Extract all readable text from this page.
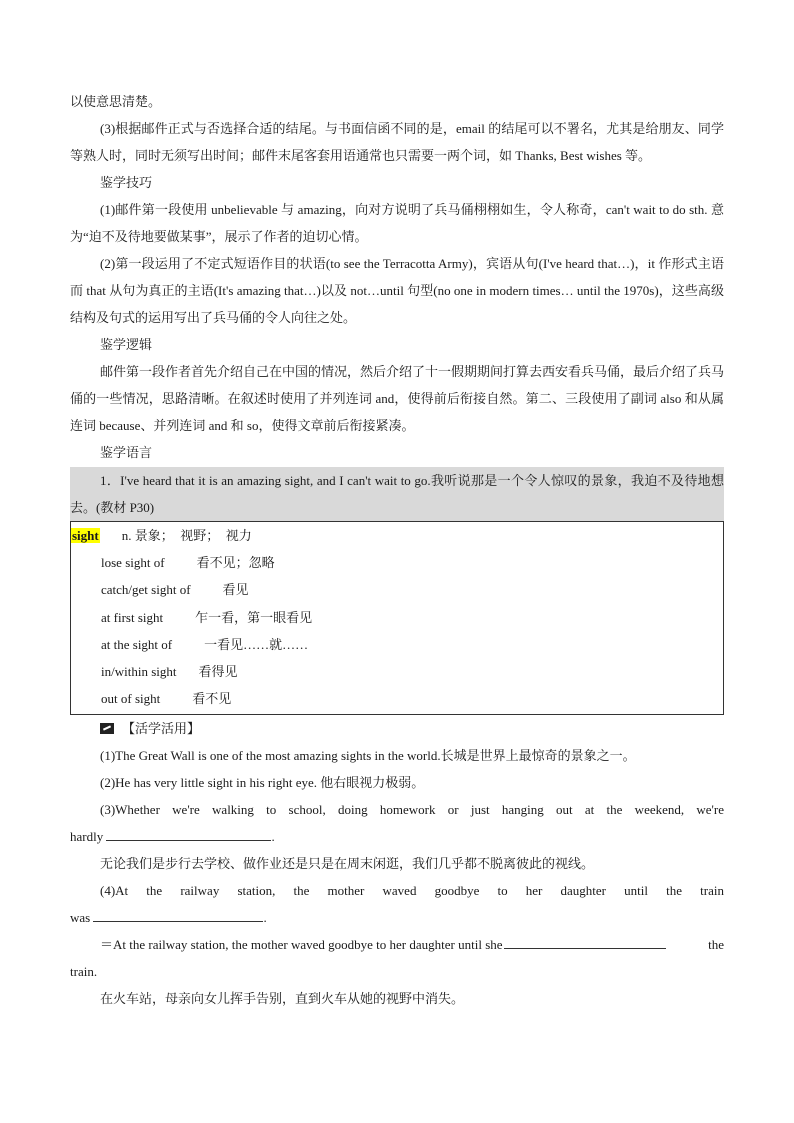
以使意思清楚。

(3)根据邮件正式与否选择合适的结尾。与书面信函不同的是，email 的结尾可以不署名，尤其是给朋友、同学等熟人时，同时无须写出时间；邮件末尾客套用语通常也只需要一两个词，如 Thanks, Best wishes 等。

鉴学技巧

(1)邮件第一段使用 unbelievable 与 amazing，向对方说明了兵马俑栩栩如生，令人称奇，can't wait to do sth. 意为“迫不及待地要做某事”，展示了作者的迫切心情。

(2)第一段运用了不定式短语作目的状语(to see the Terracotta Army)，宾语从句(I've heard that…)，it 作形式主语而 that 从句为真正的主语(It's amazing that…)以及 not…until 句型(no one in modern times… until the 1970s)，这些高级结构及句式的运用写出了兵马俑的令人向往之处。

鉴学逻辑

邮件第一段作者首先介绍自己在中国的情况，然后介绍了十一假期期间打算去西安看兵马俑，最后介绍了兵马俑的一些情况，思路清晰。在叙述时使用了并列连词 and，使得前后衔接自然。第二、三段使用了副词 also 和从属连词 because、并列连词 and 和 so，使得文章前后衔接紧凑。

鉴学语言

1．I've heard that it is an amazing sight, and I can't wait to go.我听说那是一个令人惊叹的景象，我迫不及待地想去。(教材 P30)

sight n. 景象；　视野；　视力
lose sight of 看不见；忽略
catch/get sight of 看见
at first sight 乍一看，第一眼看见
at the sight of 一看见……就……
in/within sight 看得见
out of sight 看不见
【活学活用】

(1)The Great Wall is one of the most amazing sights in the world.长城是世界上最惊奇的景象之一。

(2)He has very little sight in his right eye. 他右眼视力极弱。

(3)Whether we're walking to school, doing homework or just hanging out at the weekend, we're

hardly	.

无论我们是步行去学校、做作业还是只是在周末闲逛，我们几乎都不脱离彼此的视线。

(4)At the railway station, the mother waved goodbye to her daughter until the train

was	.

＝At the railway station, the mother waved goodbye to her daughter until she	the

train.

在火车站，母亲向女儿挥手告别，直到火车从她的视野中消失。
